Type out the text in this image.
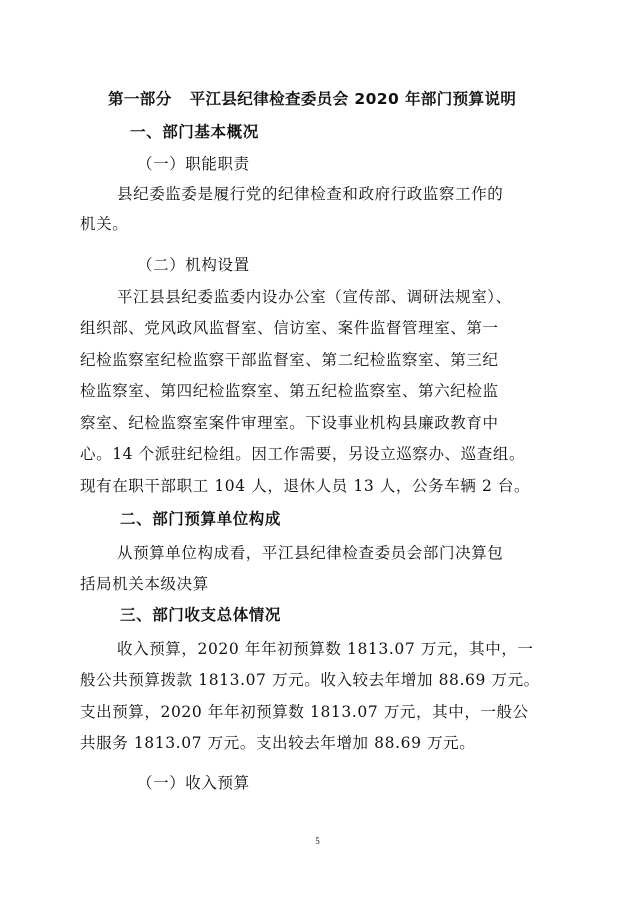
第一部分 平江县纪律检查委员会 2020 年部门预算说明
一、部门基本概况
（一）职能职责
县纪委监委是履行党的纪律检查和政府行政监察工作的
机关。
（二）机构设置
平江县县纪委监委内设办公室（宣传部、调研法规室）、
组织部、党风政风监督室、信访室、案件监督管理室、第一
纪检监察室纪检监察干部监督室、第二纪检监察室、第三纪
检监察室、第四纪检监察室、第五纪检监察室、第六纪检监
察室、纪检监察室案件审理室。下设事业机构县廉政教育中
心。14 个派驻纪检组。因工作需要，另设立巡察办、巡查组。
现有在职干部职工 104 人，退休人员 13 人，公务车辆 2 台。
二、部门预算单位构成
从预算单位构成看，平江县纪律检查委员会部门决算包
括局机关本级决算
三、部门收支总体情况
收入预算，2020 年年初预算数 1813.07 万元，其中，一
般公共预算拨款 1813.07 万元。收入较去年增加 88.69 万元。
支出预算，2020 年年初预算数 1813.07 万元，其中，一般公
共服务 1813.07 万元。支出较去年增加 88.69 万元。
（一）收入预算
5
